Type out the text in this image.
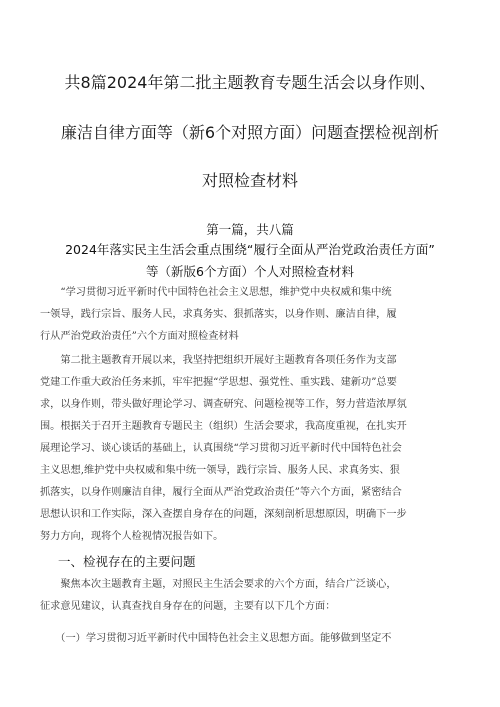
共8篇2024年第二批主题教育专题生活会以身作则、
廉洁自律方面等（新6个对照方面）问题查摆检视剖析
对照检查材料
第一篇，共八篇
2024年落实民主生活会重点围绕“履行全面从严治党政治责任方面”
等（新版6个方面）个人对照检查材料
　　“学习贯彻习近平新时代中国特色社会主义思想，维护党中央权威和集中统
一领导，践行宗旨、服务人民，求真务实、狠抓落实，以身作则、廉洁自律，履
行从严治党政治责任”六个方面对照检查材料
　　第二批主题教育开展以来，我坚持把组织开展好主题教育各项任务作为支部
党建工作重大政治任务来抓，牢牢把握“学思想、强党性、重实践、建新功”总要
求，以身作则，带头做好理论学习、调查研究、问题检视等工作，努力营造浓厚氛
围。根据关于召开主题教育专题民主（组织）生活会要求，我高度重视，在扎实开
展理论学习、谈心谈话的基础上，认真围绕“学习贯彻习近平新时代中国特色社会
主义思想,维护党中央权威和集中统一领导，践行宗旨、服务人民、求真务实、狠
抓落实，以身作则廉洁自律，履行全面从严治党政治责任”等六个方面，紧密结合
思想认识和工作实际，深入查摆自身存在的问题，深刻剖析思想原因，明确下一步
努力方向，现将个人检视情况报告如下。
一、检视存在的主要问题
　　聚焦本次主题教育主题，对照民主生活会要求的六个方面，结合广泛谈心，
征求意见建议，认真查找自身存在的问题，主要有以下几个方面：
　　（一）学习贯彻习近平新时代中国特色社会主义思想方面。能够做到坚定不
